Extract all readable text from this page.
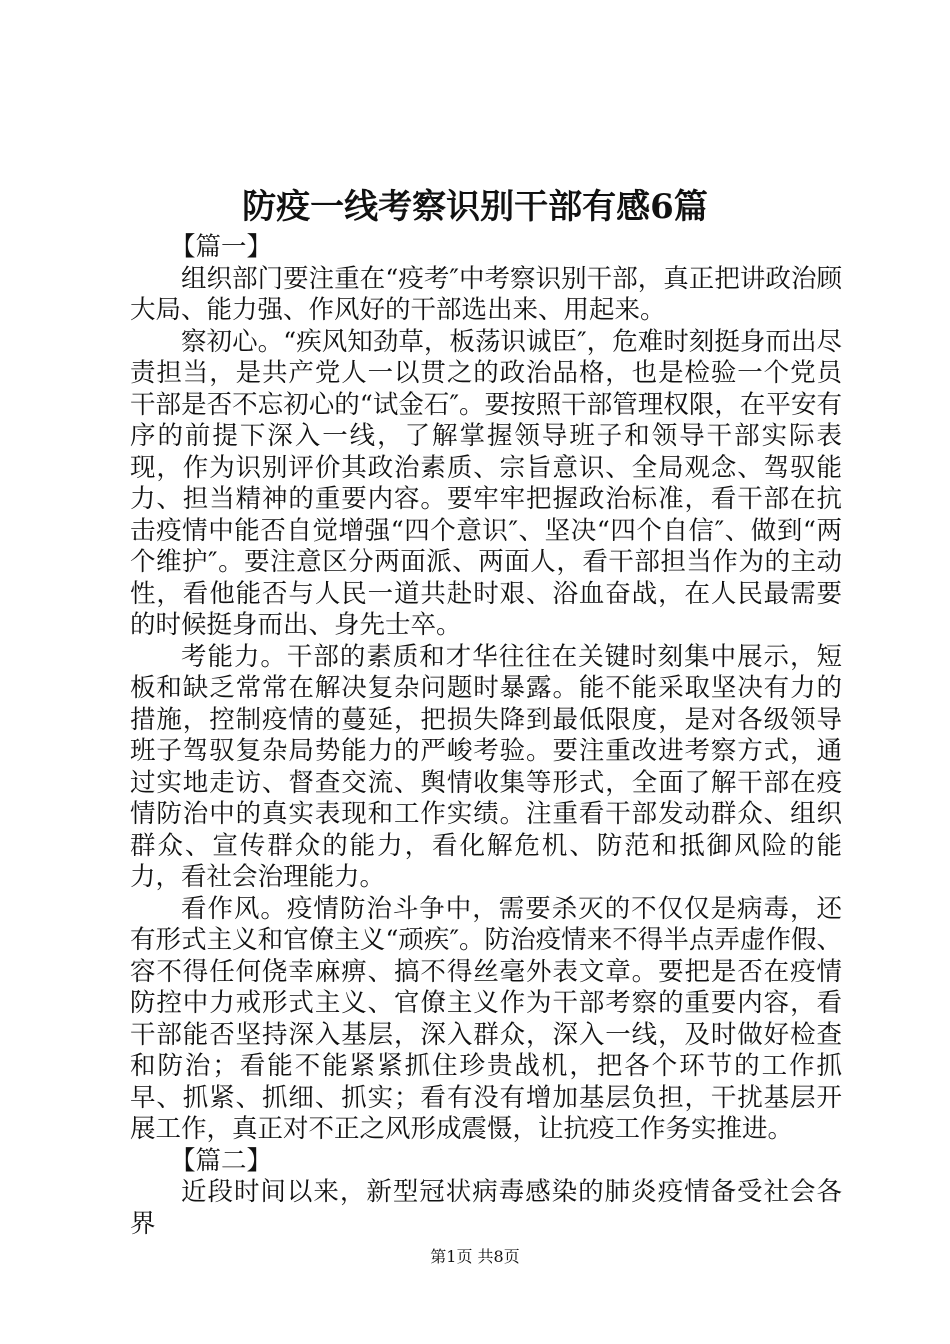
防疫一线考察识别干部有感6篇

【篇一】

组织部门要注重在“疫考″中考察识别干部，真正把讲政治顾大局、能力强、作风好的干部选出来、用起来。

察初心。“疾风知劲草，板荡识诚臣″，危难时刻挺身而出尽责担当，是共产党人一以贯之的政治品格，也是检验一个党员干部是否不忘初心的“试金石″。要按照干部管理权限，在平安有序的前提下深入一线，了解掌握领导班子和领导干部实际表现，作为识别评价其政治素质、宗旨意识、全局观念、驾驭能力、担当精神的重要内容。要牢牢把握政治标准，看干部在抗击疫情中能否自觉增强“四个意识″、坚决“四个自信″、做到“两个维护″。要注意区分两面派、两面人，看干部担当作为的主动性，看他能否与人民一道共赴时艰、浴血奋战，在人民最需要的时候挺身而出、身先士卒。

考能力。干部的素质和才华往往在关键时刻集中展示，短板和缺乏常常在解决复杂问题时暴露。能不能采取坚决有力的措施，控制疫情的蔓延，把损失降到最低限度，是对各级领导班子驾驭复杂局势能力的严峻考验。要注重改进考察方式，通过实地走访、督查交流、舆情收集等形式，全面了解干部在疫情防治中的真实表现和工作实绩。注重看干部发动群众、组织群众、宣传群众的能力，看化解危机、防范和抵御风险的能力，看社会治理能力。

看作风。疫情防治斗争中，需要杀灭的不仅仅是病毒，还有形式主义和官僚主义“顽疾″。防治疫情来不得半点弄虚作假、容不得任何侥幸麻痹、搞不得丝毫外表文章。要把是否在疫情防控中力戒形式主义、官僚主义作为干部考察的重要内容，看干部能否坚持深入基层，深入群众，深入一线，及时做好检查和防治；看能不能紧紧抓住珍贵战机，把各个环节的工作抓早、抓紧、抓细、抓实；看有没有增加基层负担，干扰基层开展工作，真正对不正之风形成震慑，让抗疫工作务实推进。

【篇二】

近段时间以来，新型冠状病毒感染的肺炎疫情备受社会各界

第1页 共8页
